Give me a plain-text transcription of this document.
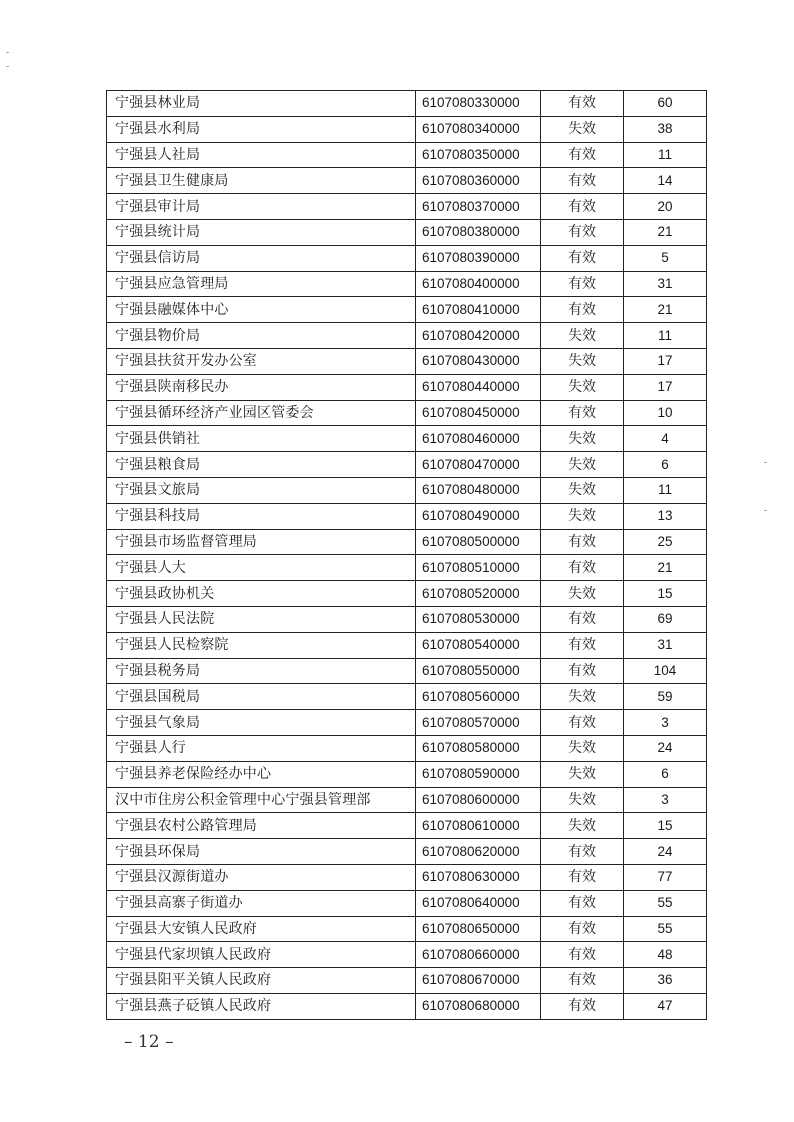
宁强县林业局	6107080330000	有效	60
宁强县水利局	6107080340000	失效	38
宁强县人社局	6107080350000	有效	11
宁强县卫生健康局	6107080360000	有效	14
宁强县审计局	6107080370000	有效	20
宁强县统计局	6107080380000	有效	21
宁强县信访局	6107080390000	有效	5
宁强县应急管理局	6107080400000	有效	31
宁强县融媒体中心	6107080410000	有效	21
宁强县物价局	6107080420000	失效	11
宁强县扶贫开发办公室	6107080430000	失效	17
宁强县陕南移民办	6107080440000	失效	17
宁强县循环经济产业园区管委会	6107080450000	有效	10
宁强县供销社	6107080460000	失效	4
宁强县粮食局	6107080470000	失效	6
宁强县文旅局	6107080480000	失效	11
宁强县科技局	6107080490000	失效	13
宁强县市场监督管理局	6107080500000	有效	25
宁强县人大	6107080510000	有效	21
宁强县政协机关	6107080520000	失效	15
宁强县人民法院	6107080530000	有效	69
宁强县人民检察院	6107080540000	有效	31
宁强县税务局	6107080550000	有效	104
宁强县国税局	6107080560000	失效	59
宁强县气象局	6107080570000	有效	3
宁强县人行	6107080580000	失效	24
宁强县养老保险经办中心	6107080590000	失效	6
汉中市住房公积金管理中心宁强县管理部	6107080600000	失效	3
宁强县农村公路管理局	6107080610000	失效	15
宁强县环保局	6107080620000	有效	24
宁强县汉源街道办	6107080630000	有效	77
宁强县高寨子街道办	6107080640000	有效	55
宁强县大安镇人民政府	6107080650000	有效	55
宁强县代家坝镇人民政府	6107080660000	有效	48
宁强县阳平关镇人民政府	6107080670000	有效	36
宁强县燕子砭镇人民政府	6107080680000	有效	47
– 12 –
